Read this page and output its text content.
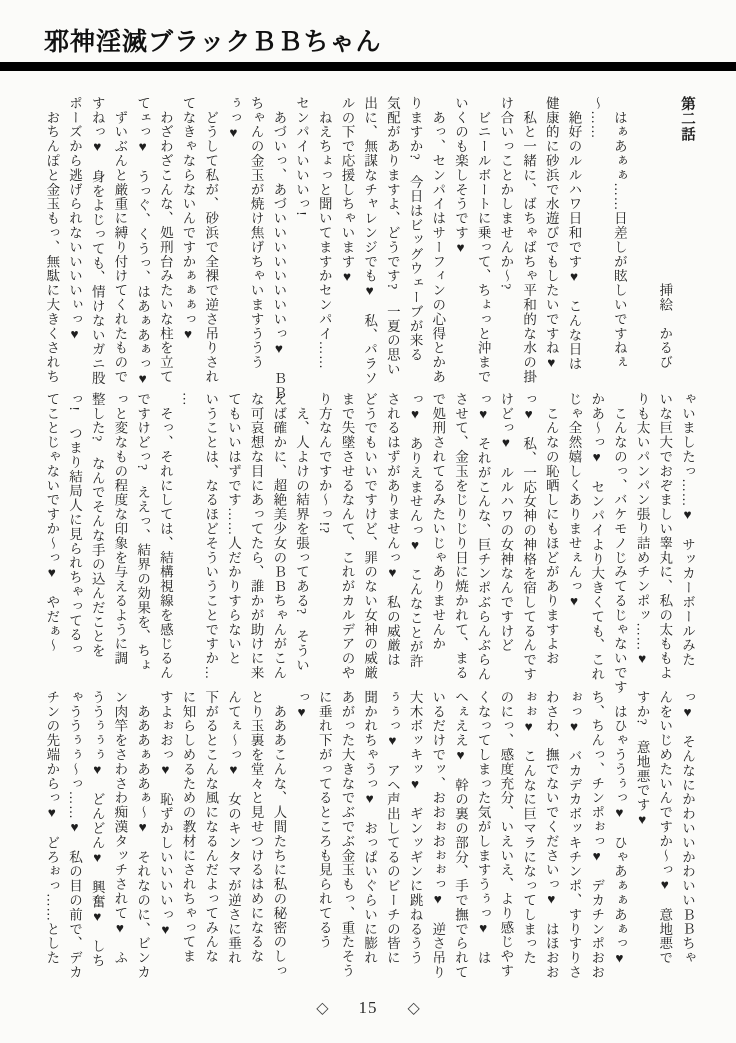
邪神淫滅ブラックＢＢちゃん

第二話

　　　　　　　　　　　　　挿絵　かるび

　はぁあぁぁ……日差しが眩しいですねぇ

～……

　絶好のルルハワ日和です♥　こんな日は

健康的に砂浜で水遊びでもしたいですね♥

　私と一緒に、ばちゃばちゃ平和的な水の掛

け合いっことかしませんか～?

　ビニールボートに乗って、ちょっと沖まで

いくのも楽しそうです♥

　あっ、センパイはサーフィンの心得とかあ

りますか?　今日はビッグウェーブが来る

気配がありますよ、どうです?　一夏の思い

出に、無謀なチャレンジでも♥　私、パラソ

ルの下で応援しちゃいます♥

　ねえちょっと聞いてますかセンパイ……

センパイいいいっ!

　あづいっ、あづいいいいいいいいっ♥　ＢＢ

ちゃんの金玉が焼け焦げちゃいますううう

ぅっ♥

　どうして私が、砂浜で全裸で逆さ吊りされ

てなきゃならないんですかぁぁぁっ♥

　わざわざこんな、処刑台みたいな柱を立て

てェっ♥　うっぐ、くうっ、はあぁあぁっ♥

　ずいぶんと厳重に縛り付けてくれたもので

すねっ♥　身をよじっても、情けないガニ股

ポーズから逃げられないいいいぃっ♥

　おちんぽと金玉もっ、無駄に大きくされち

ゃいましたっ……♥　サッカーボールみた

いな巨大でおぞましい睾丸に、私の太ももよ

りも太いパンパン張り詰めチンポッ……♥

　こんなのっ、バケモノじみてるじゃないです

かあ～っ♥　センパイより大きくても、これ

じゃ全然嬉しくありませぇんっ♥

　こんなの恥晒しにもほどがありますよお

っ♥　私、一応女神の神格を宿してるんです

けどっ♥　ルルハワの女神なんですけど

っ♥　それがこんな、巨チンポぶらんぶらん

させて、金玉をじりじり日に焼かれて、まる

で処刑されてるみたいじゃありませんか

っ♥　ありえませんっ♥　こんなことが許

されるはずがありませんっ♥　私の威厳は

どうでもいいですけど、罪のない女神の威厳

まで失墜させるなんて、これがカルデアのや

り方なんですか～っ!?

　え、人よけの結界を張ってある?　そうい

えば確かに、超絶美少女のＢＢちゃんがこん

な可哀想な目にあってたら、誰かが助けに来

てもいいはずです……人だかりすらないと

いうことは、なるほどそういうことですか…

…

　そっ、それにしては、結構視線を感じるん

ですけどっ?　ええっ、結界の効果を、ちょ

っと変なもの程度な印象を与えるように調

整した?　なんでそんな手の込んだことを

っ!　つまり結局人に見られちゃってるっ

てことじゃないですか～っ♥　やだぁ～

っ♥　そんなにかわいいかわいいＢＢちゃ

んをいじめたいんですか～っ♥　意地悪で

すか?　意地悪です♥

　はひゃううぅっ♥　ひゃあぁぁあぁっ♥

ち、ちんっ、チンポぉっ♥　デカチンポおお

ぉっ♥　バカデカボッキチンポ、すりすりさ

わさわ、撫でないでくださいっ♥　はほおお

ぉぉ♥　こんなに巨マラになってしまった

のにっ、感度充分、いえいえ、より感じやす

くなってしまった気がしますうぅっ♥　は

へぇええ♥　幹の裏の部分、手で撫でられて

いるだけでッ、おおぉおぉぉっ♥　逆さ吊り

大木ボッキッ♥　ギンッギンに跳ねるうう

ぅぅっ♥　アヘ声出してるのビーチの皆に

聞かれちゃうっ♥　おっぱいぐらいに膨れ

あがった大きなでぶでぶ金玉もっ、重たそう

に垂れ下がってるところも見られてるう

っ♥

　あああこんな、人間たちに私の秘密のしっ

とり玉裏を堂々と見せつけるはめになるな

んてぇ～っ♥　女のキンタマが逆さに垂れ

下がるとこんな風になるんだよってみんな

に知らしめるための教材にされちゃってま

すよぉおっ♥　恥ずかしいいいいっ♥

　あああぁああぁ～♥　それなのに、ビンカ

ン肉竿をさわさわ痴漢タッチされて♥　ふ

ううぅぅぅ♥　どんどん♥　興奮♥　しち

ゃううぅぅ～っ……♥　私の目の前で、デカ

チンの先端からっ♥　どろぉっ……とした

◇ 15 ◇
